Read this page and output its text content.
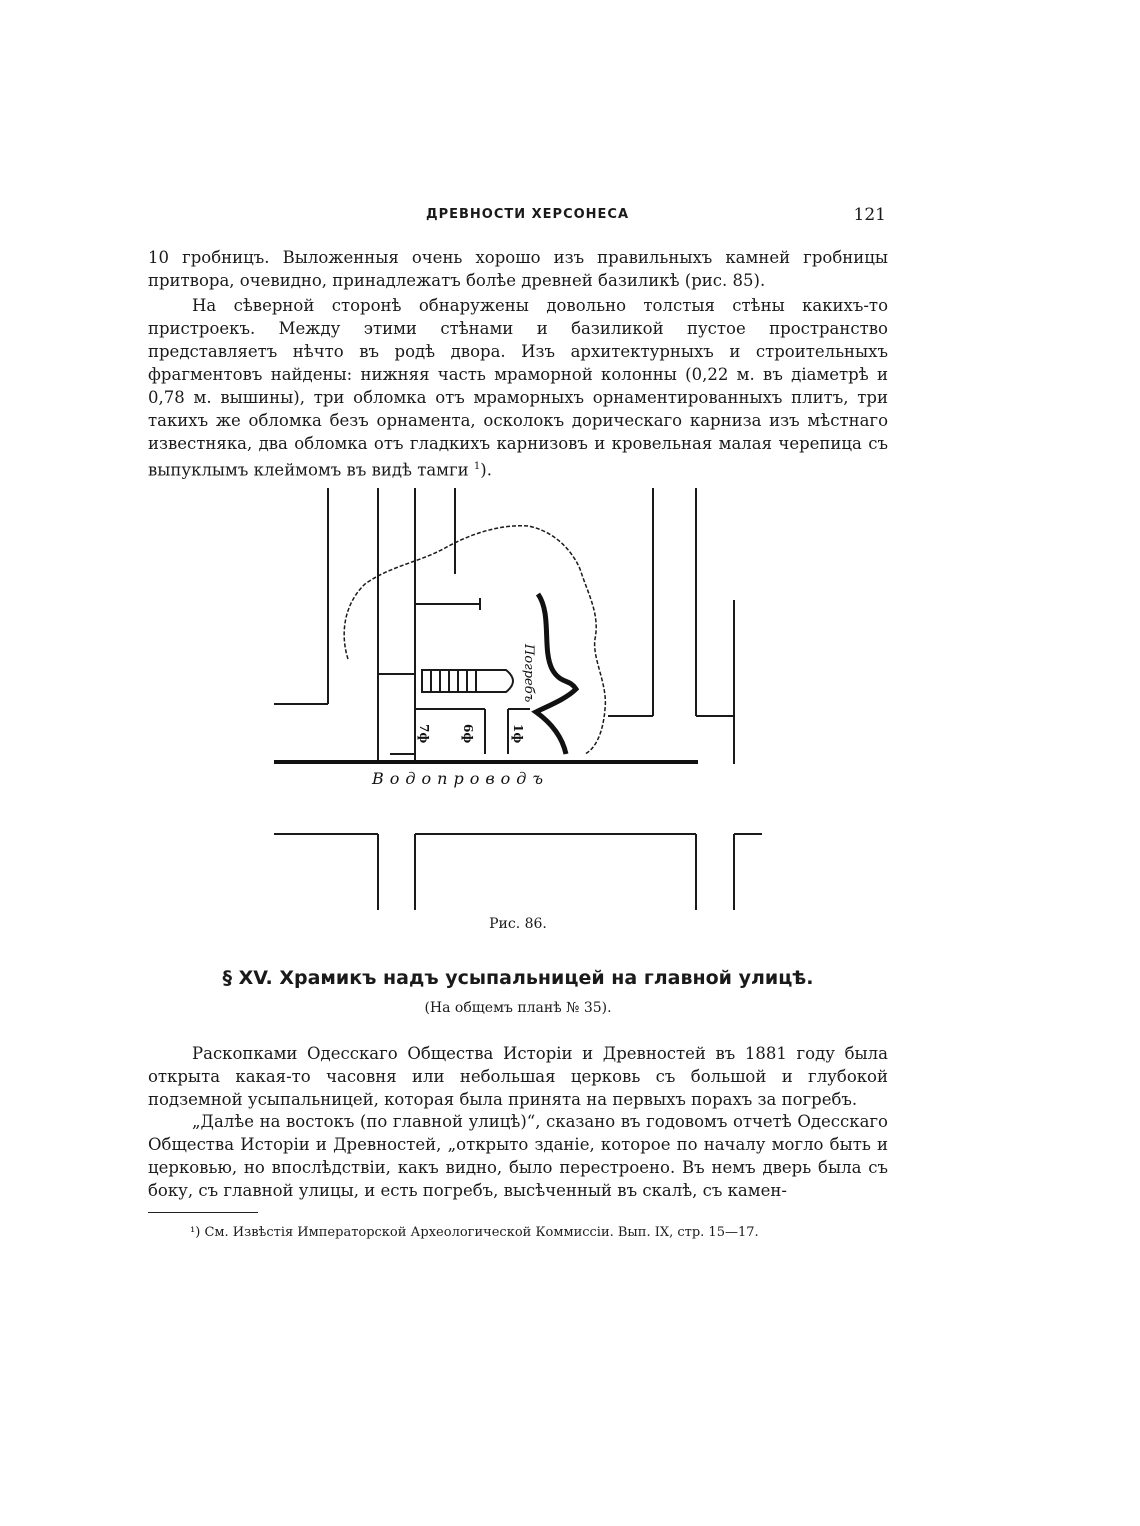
ДРЕВНОСТИ ХЕРСОНЕСА	121

10 гробницъ. Выложенныя очень хорошо изъ правильныхъ камней гробницы притвора, очевидно, принадлежатъ болѣе древней базиликѣ (рис. 85).

На сѣверной сторонѣ обнаружены довольно толстыя стѣны какихъ-то пристроекъ. Между этими стѣнами и базиликой пустое пространство представляетъ нѣчто въ родѣ двора. Изъ архитектурныхъ и строительныхъ фрагментовъ найдены: нижняя часть мраморной колонны (0,22 м. въ діаметрѣ и 0,78 м. вышины), три обломка отъ мраморныхъ орнаментированныхъ плитъ, три такихъ же обломка безъ орнамента, осколокъ дорическаго карниза изъ мѣстнаго известняка, два обломка отъ гладкихъ карнизовъ и кровельная малая черепица съ выпуклымъ клеймомъ въ видѣ тамги $^1$).

Погребъ
Водопроводъ
7ф	6ф	1ф
Рис. 86.
§ XV. Храмикъ надъ усыпальницей на главной улицѣ.
(На общемъ планѣ № 35).

Раскопками Одесскаго Общества Исторіи и Древностей въ 1881 году была открыта какая-то часовня или небольшая церковь съ большой и глубокой подземной усыпальницей, которая была принята на первыхъ порахъ за погребъ.

„Далѣе на востокъ (по главной улицѣ)“, сказано въ годовомъ отчетѣ Одесскаго Общества Исторіи и Древностей, „открыто зданіе, которое по началу могло быть и церковью, но впослѣдствіи, какъ видно, было перестроено. Въ немъ дверь была съ боку, съ главной улицы, и есть погребъ, высѣченный въ скалѣ, съ камен-

¹) См. Извѣстія Императорской Археологической Коммиссіи. Вып. IX, стр. 15—17.
